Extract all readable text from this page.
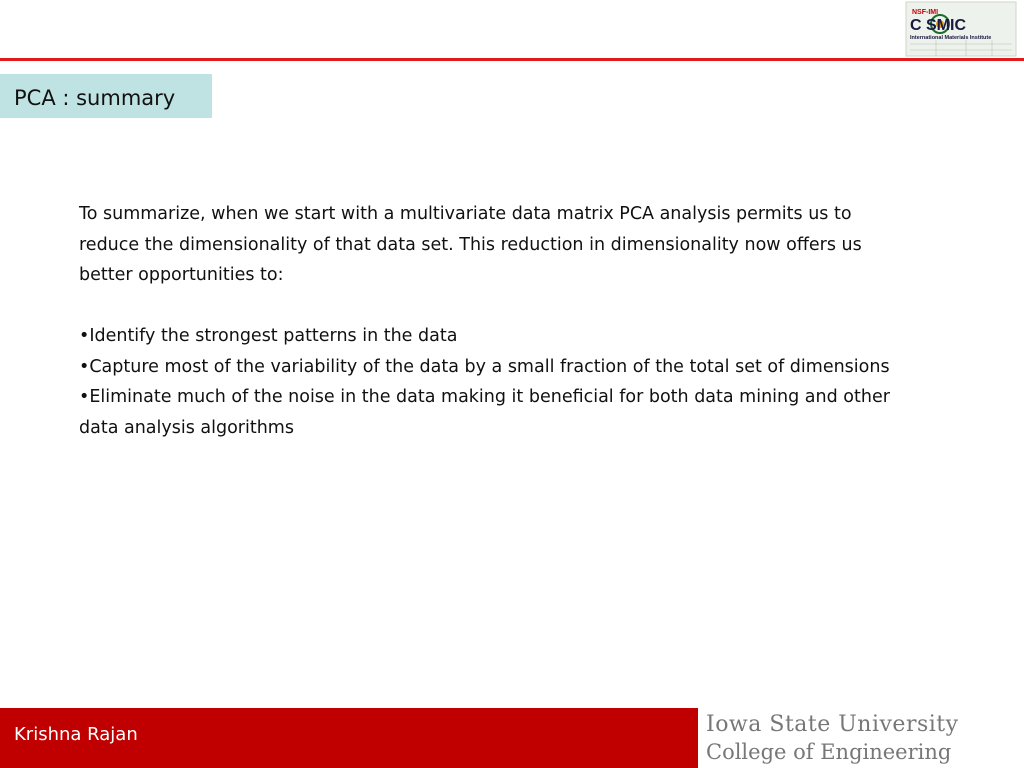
NSF-IMI
C SMIC
International Materials Institute
PCA : summary

To summarize, when we start with a multivariate data matrix PCA analysis permits us to reduce the dimensionality of that data set. This reduction in dimensionality now offers us better opportunities to:

•Identify the strongest patterns in the data

•Capture most of the variability of the data by a small fraction of the total set of dimensions

•Eliminate much of the noise in the data making it beneficial for both data mining and other data analysis algorithms

Krishna Rajan	Iowa State University
College of Engineering
